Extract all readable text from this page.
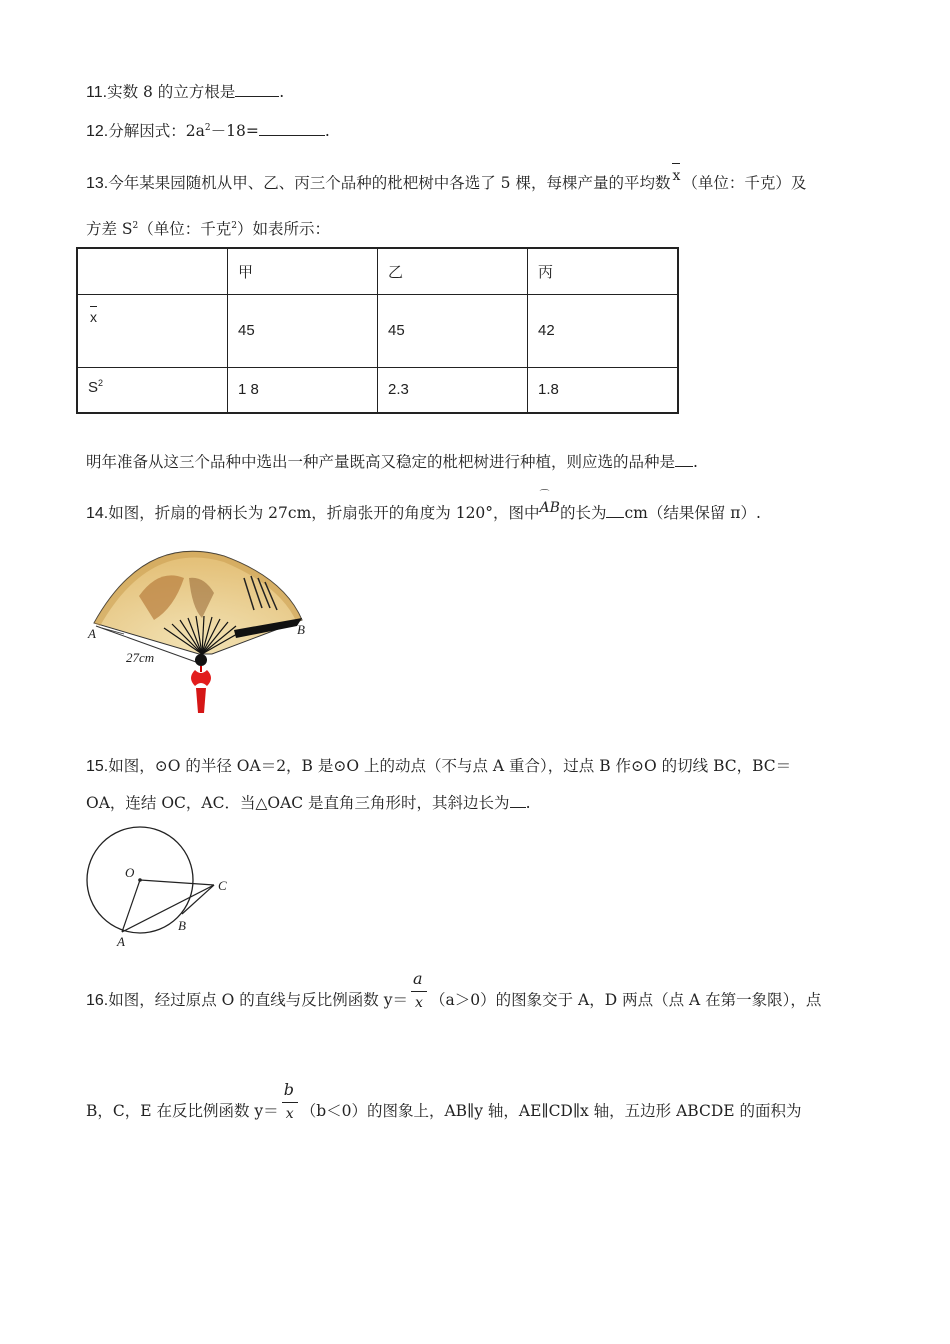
11.实数 8 的立方根是	.
12.分解因式：$2a^2-18=$	.
13.今年某果园随机从甲、乙、丙三个品种的枇杷树中各选了 5 棵，每棵产量的平均数 x （单位：千克）及
方差 $S^2$（单位：千克$^2$）如表所示：
	甲	乙	丙
x	45	45	42
$S^2$	1 8	2.3	1.8
明年准备从这三个品种中选出一种产量既高又稳定的枇杷树进行种植，则应选的品种是 .
14.如图，折扇的骨柄长为 27cm，折扇张开的角度为 120°，图中⌒ AB的长为 cm（结果保留 π）.
A	B
27cm
15.如图，⊙O 的半径 OA＝2，B 是⊙O 上的动点（不与点 A 重合），过点 B 作⊙O 的切线 BC，BC＝
OA，连结 OC，AC．当△OAC 是直角三角形时，其斜边长为 .
O
C
A
B
16.如图，经过原点 O 的直线与反比例函数 $y= \frac{a}{x} (a>0)$的图象交于 A，D 两点（点 A 在第一象限），点
B，C，E 在反比例函数 $y= \frac{b}{x} (b<0)$的图象上，AB∥y 轴，AE∥CD∥x 轴，五边形 ABCDE 的面积为
